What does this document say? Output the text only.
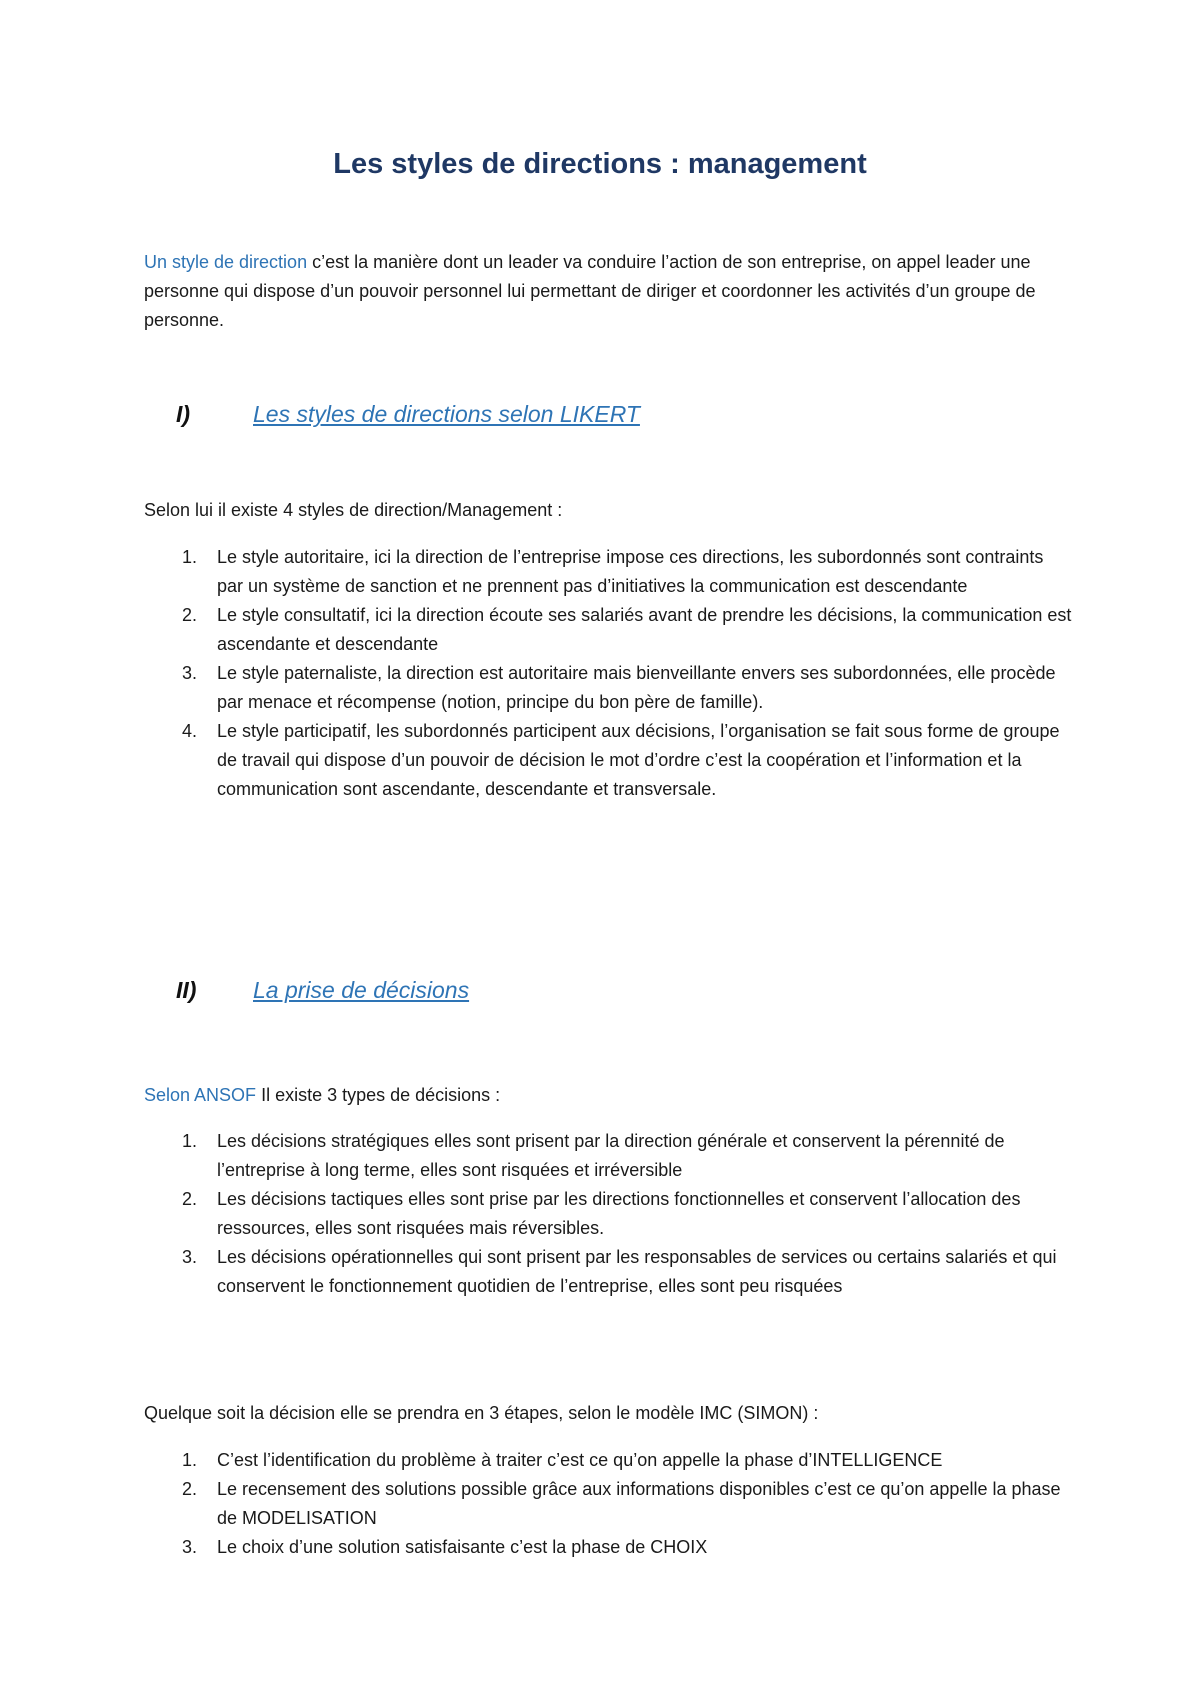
Les styles de directions : management

Un style de direction c’est la manière dont un leader va conduire l’action de son entreprise, on appel leader une personne qui dispose d’un pouvoir personnel lui permettant de diriger et coordonner les activités d’un groupe de personne.

I)	Les styles de directions selon LIKERT

Selon lui il existe 4 styles de direction/Management :

1. Le style autoritaire, ici la direction de l’entreprise impose ces directions, les subordonnés sont contraints par un système de sanction et ne prennent pas d’initiatives la communication est descendante
2. Le style consultatif, ici la direction écoute ses salariés avant de prendre les décisions, la communication est ascendante et descendante
3. Le style paternaliste, la direction est autoritaire mais bienveillante envers ses subordonnées, elle procède par menace et récompense (notion, principe du bon père de famille).
4. Le style participatif, les subordonnés participent aux décisions, l’organisation se fait sous forme de groupe de travail qui dispose d’un pouvoir de décision le mot d’ordre c’est la coopération et l’information et la communication sont ascendante, descendante et transversale.
II) La prise de décisions

Selon ANSOF Il existe 3 types de décisions :

1. Les décisions stratégiques elles sont prisent par la direction générale et conservent la pérennité de l’entreprise à long terme, elles sont risquées et irréversible
2. Les décisions tactiques elles sont prise par les directions fonctionnelles et conservent l’allocation des ressources, elles sont risquées mais réversibles.
3. Les décisions opérationnelles qui sont prisent par les responsables de services ou certains salariés et qui conservent le fonctionnement quotidien de l’entreprise, elles sont peu risquées

Quelque soit la décision elle se prendra en 3 étapes, selon le modèle IMC (SIMON) :

1. C’est l’identification du problème à traiter c’est ce qu’on appelle la phase d’INTELLIGENCE
2. Le recensement des solutions possible grâce aux informations disponibles c’est ce qu’on appelle la phase de MODELISATION
3. Le choix d’une solution satisfaisante c’est la phase de CHOIX
